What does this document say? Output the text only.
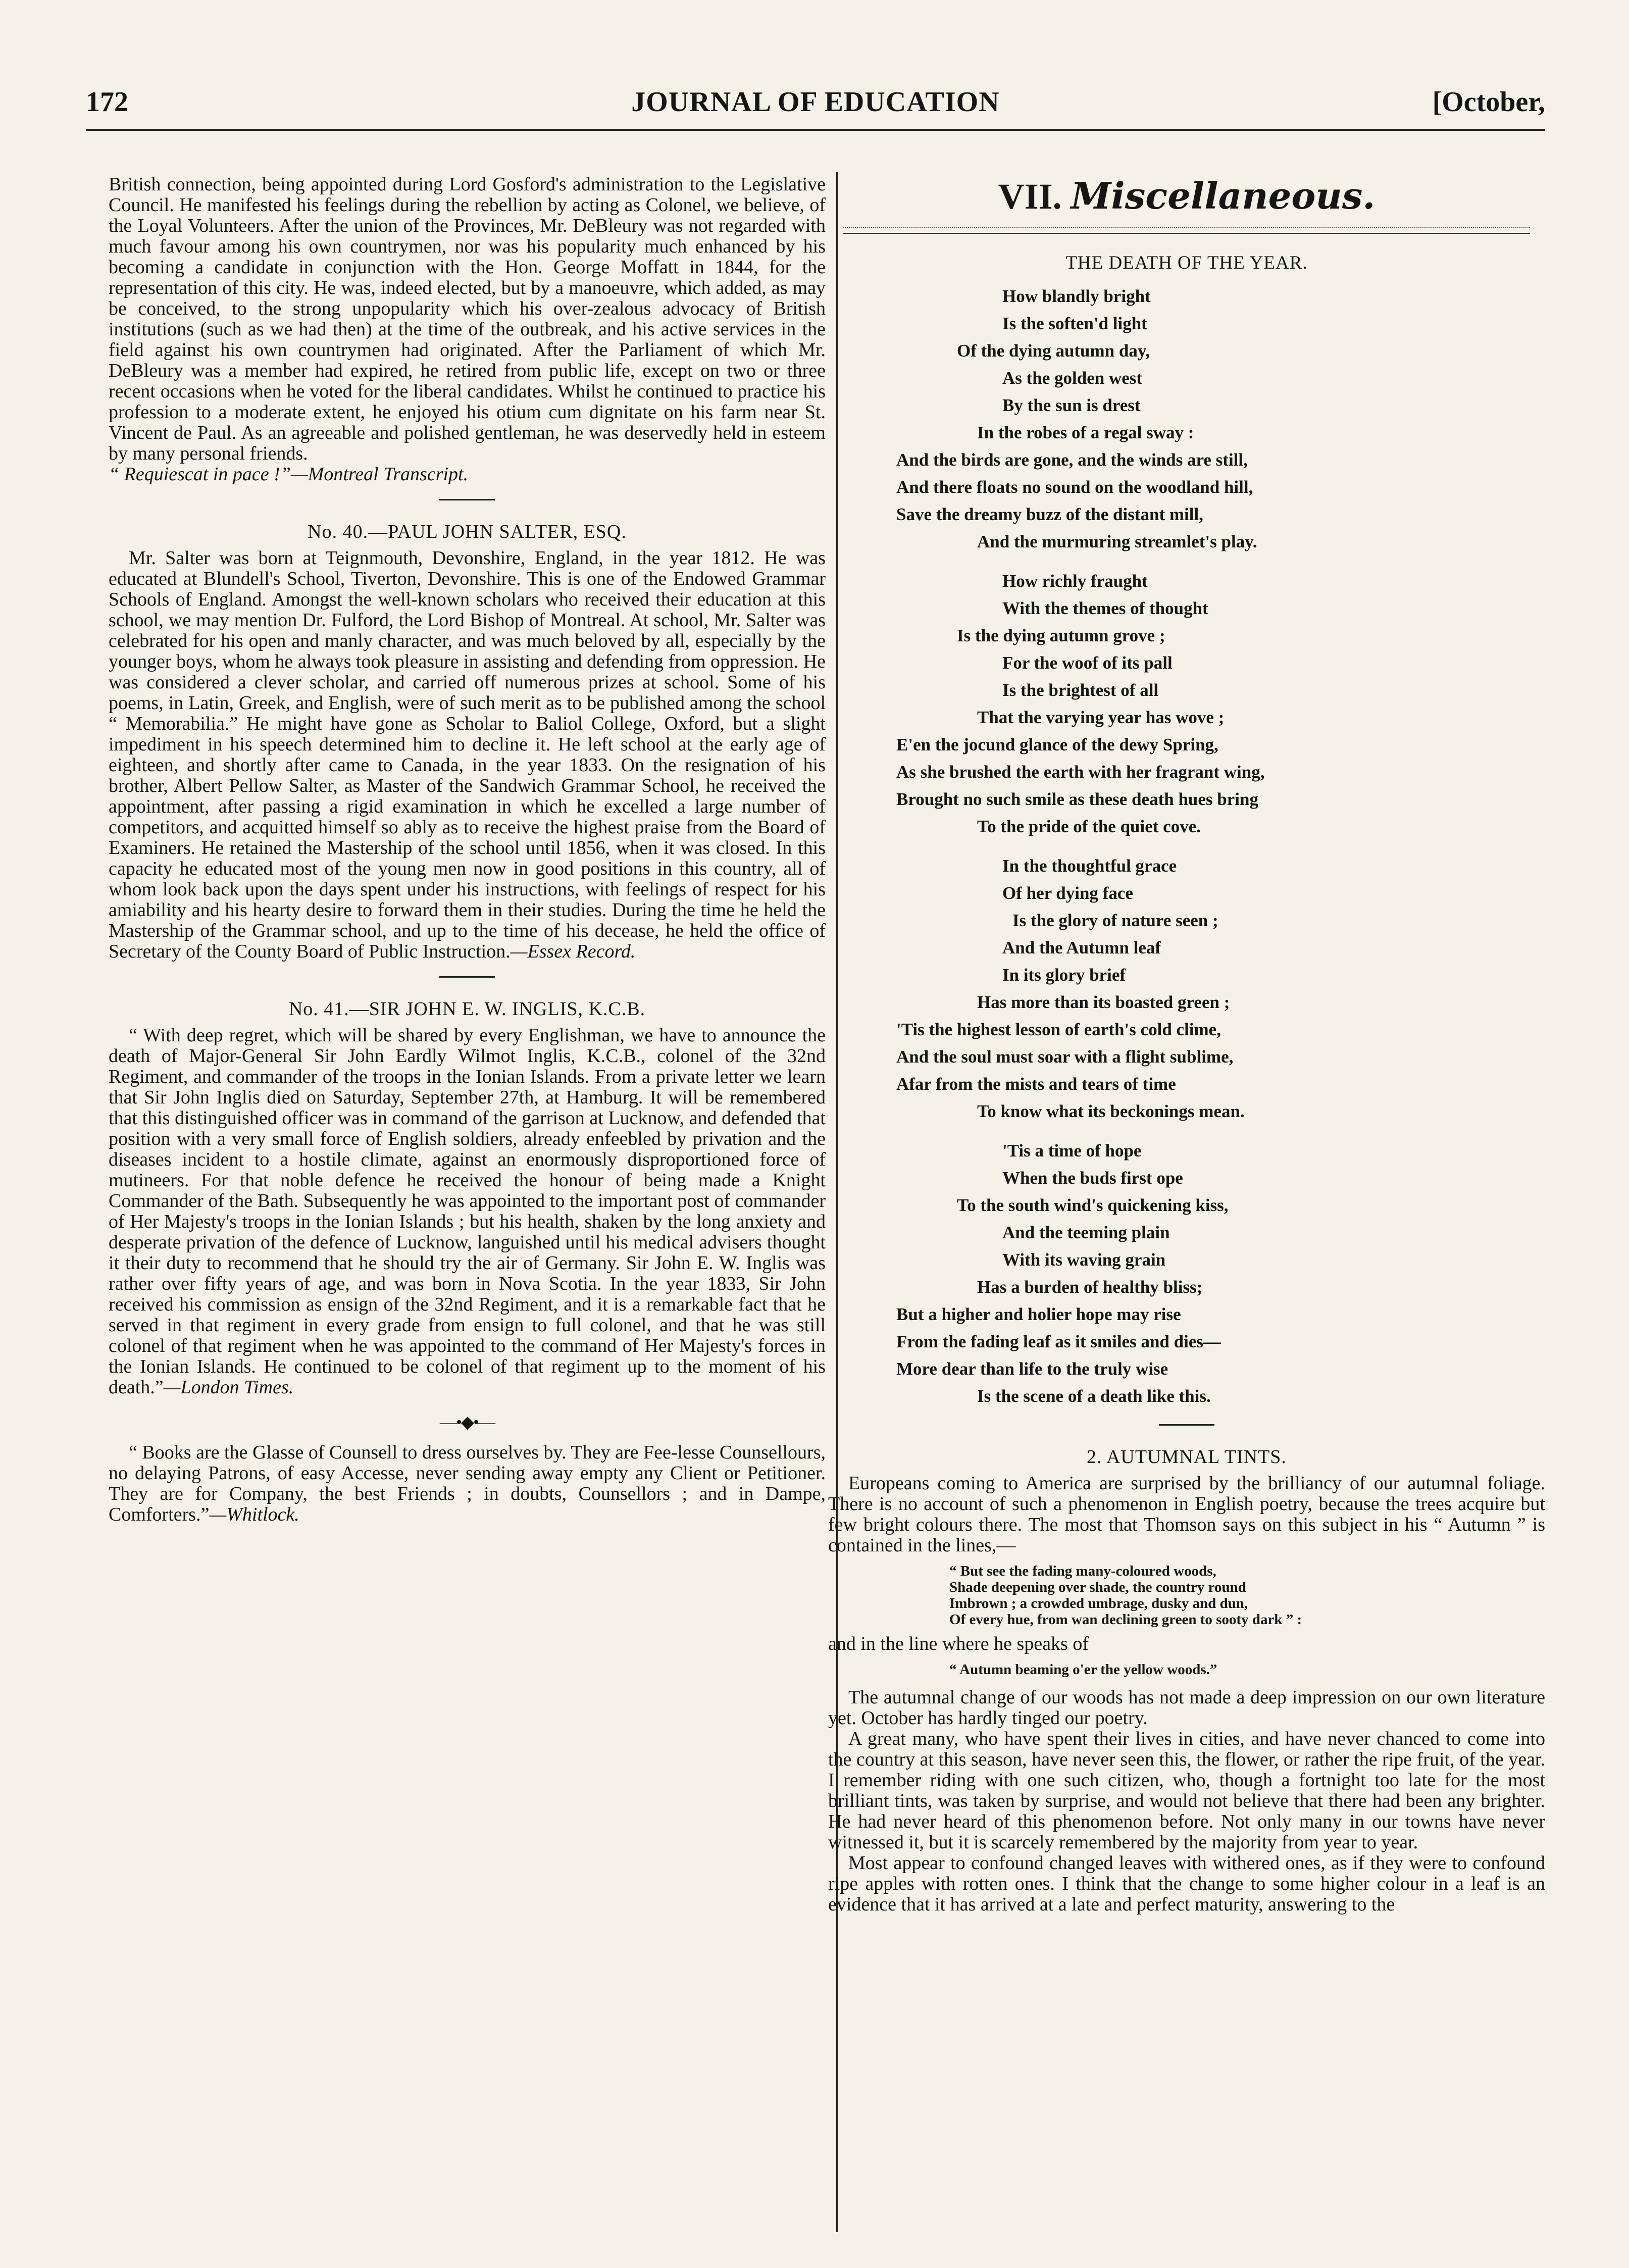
172	JOURNAL OF EDUCATION	[October,

British connection, being appointed during Lord Gosford's administration to the Legislative Council. He manifested his feelings during the rebellion by acting as Colonel, we believe, of the Loyal Volunteers. After the union of the Provinces, Mr. DeBleury was not regarded with much favour among his own countrymen, nor was his popularity much enhanced by his becoming a candidate in conjunction with the Hon. George Moffatt in 1844, for the representation of this city. He was, indeed elected, but by a manoeuvre, which added, as may be conceived, to the strong unpopularity which his over-zealous advocacy of British institutions (such as we had then) at the time of the outbreak, and his active services in the field against his own countrymen had originated. After the Parliament of which Mr. DeBleury was a member had expired, he retired from public life, except on two or three recent occasions when he voted for the liberal candidates. Whilst he continued to practice his profession to a moderate extent, he enjoyed his otium cum dignitate on his farm near St. Vincent de Paul. As an agreeable and polished gentleman, he was deservedly held in esteem by many personal friends.

“ Requiescat in pace !”—Montreal Transcript.

No. 40.—PAUL JOHN SALTER, ESQ.

Mr. Salter was born at Teignmouth, Devonshire, England, in the year 1812. He was educated at Blundell's School, Tiverton, Devonshire. This is one of the Endowed Grammar Schools of England. Amongst the well-known scholars who received their education at this school, we may mention Dr. Fulford, the Lord Bishop of Montreal. At school, Mr. Salter was celebrated for his open and manly character, and was much beloved by all, especially by the younger boys, whom he always took pleasure in assisting and defending from oppression. He was considered a clever scholar, and carried off numerous prizes at school. Some of his poems, in Latin, Greek, and English, were of such merit as to be published among the school “ Memorabilia.” He might have gone as Scholar to Baliol College, Oxford, but a slight impediment in his speech determined him to decline it. He left school at the early age of eighteen, and shortly after came to Canada, in the year 1833. On the resignation of his brother, Albert Pellow Salter, as Master of the Sandwich Grammar School, he received the appointment, after passing a rigid examination in which he excelled a large number of competitors, and acquitted himself so ably as to receive the highest praise from the Board of Examiners. He retained the Mastership of the school until 1856, when it was closed. In this capacity he educated most of the young men now in good positions in this country, all of whom look back upon the days spent under his instructions, with feelings of respect for his amiability and his hearty desire to forward them in their studies. During the time he held the Mastership of the Grammar school, and up to the time of his decease, he held the office of Secretary of the County Board of Public Instruction.—Essex Record.

No. 41.—SIR JOHN E. W. INGLIS, K.C.B.

“ With deep regret, which will be shared by every Englishman, we have to announce the death of Major-General Sir John Eardly Wilmot Inglis, K.C.B., colonel of the 32nd Regiment, and commander of the troops in the Ionian Islands. From a private letter we learn that Sir John Inglis died on Saturday, September 27th, at Hamburg. It will be remembered that this distinguished officer was in command of the garrison at Lucknow, and defended that position with a very small force of English soldiers, already enfeebled by privation and the diseases incident to a hostile climate, against an enormously disproportioned force of mutineers. For that noble defence he received the honour of being made a Knight Commander of the Bath. Subsequently he was appointed to the important post of commander of Her Majesty's troops in the Ionian Islands ; but his health, shaken by the long anxiety and desperate privation of the defence of Lucknow, languished until his medical advisers thought it their duty to recommend that he should try the air of Germany. Sir John E. W. Inglis was rather over fifty years of age, and was born in Nova Scotia. In the year 1833, Sir John received his commission as ensign of the 32nd Regiment, and it is a remarkable fact that he served in that regiment in every grade from ensign to full colonel, and that he was still colonel of that regiment when he was appointed to the command of Her Majesty's forces in the Ionian Islands. He continued to be colonel of that regiment up to the moment of his death.”—London Times.

—•◆•—

“ Books are the Glasse of Counsell to dress ourselves by. They are Fee-lesse Counsellours, no delaying Patrons, of easy Accesse, never sending away empty any Client or Petitioner. They are for Company, the best Friends ; in doubts, Counsellors ; and in Dampe, Comforters.”—Whitlock.

VII. Miscellaneous.
THE DEATH OF THE YEAR.
How blandly bright
Is the soften'd light
Of the dying autumn day,
As the golden west
By the sun is drest
In the robes of a regal sway :
And the birds are gone, and the winds are still,
And there floats no sound on the woodland hill,
Save the dreamy buzz of the distant mill,
And the murmuring streamlet's play.
How richly fraught
With the themes of thought
Is the dying autumn grove ;
For the woof of its pall
Is the brightest of all
That the varying year has wove ;
E'en the jocund glance of the dewy Spring,
As she brushed the earth with her fragrant wing,
Brought no such smile as these death hues bring
To the pride of the quiet cove.
In the thoughtful grace
Of her dying face
Is the glory of nature seen ;
And the Autumn leaf
In its glory brief
Has more than its boasted green ;
'Tis the highest lesson of earth's cold clime,
And the soul must soar with a flight sublime,
Afar from the mists and tears of time
To know what its beckonings mean.
'Tis a time of hope
When the buds first ope
To the south wind's quickening kiss,
And the teeming plain
With its waving grain
Has a burden of healthy bliss;
But a higher and holier hope may rise
From the fading leaf as it smiles and dies—
More dear than life to the truly wise
Is the scene of a death like this.
2. AUTUMNAL TINTS.

Europeans coming to America are surprised by the brilliancy of our autumnal foliage. There is no account of such a phenomenon in English poetry, because the trees acquire but few bright colours there. The most that Thomson says on this subject in his “ Autumn ” is contained in the lines,—

“ But see the fading many-coloured woods,
Shade deepening over shade, the country round
Imbrown ; a crowded umbrage, dusky and dun,
Of every hue, from wan declining green to sooty dark ” :

and in the line where he speaks of

“ Autumn beaming o'er the yellow woods.”

The autumnal change of our woods has not made a deep impression on our own literature yet. October has hardly tinged our poetry.

A great many, who have spent their lives in cities, and have never chanced to come into the country at this season, have never seen this, the flower, or rather the ripe fruit, of the year. I remember riding with one such citizen, who, though a fortnight too late for the most brilliant tints, was taken by surprise, and would not believe that there had been any brighter. He had never heard of this phenomenon before. Not only many in our towns have never witnessed it, but it is scarcely remembered by the majority from year to year.

Most appear to confound changed leaves with withered ones, as if they were to confound ripe apples with rotten ones. I think that the change to some higher colour in a leaf is an evidence that it has arrived at a late and perfect maturity, answering to the
